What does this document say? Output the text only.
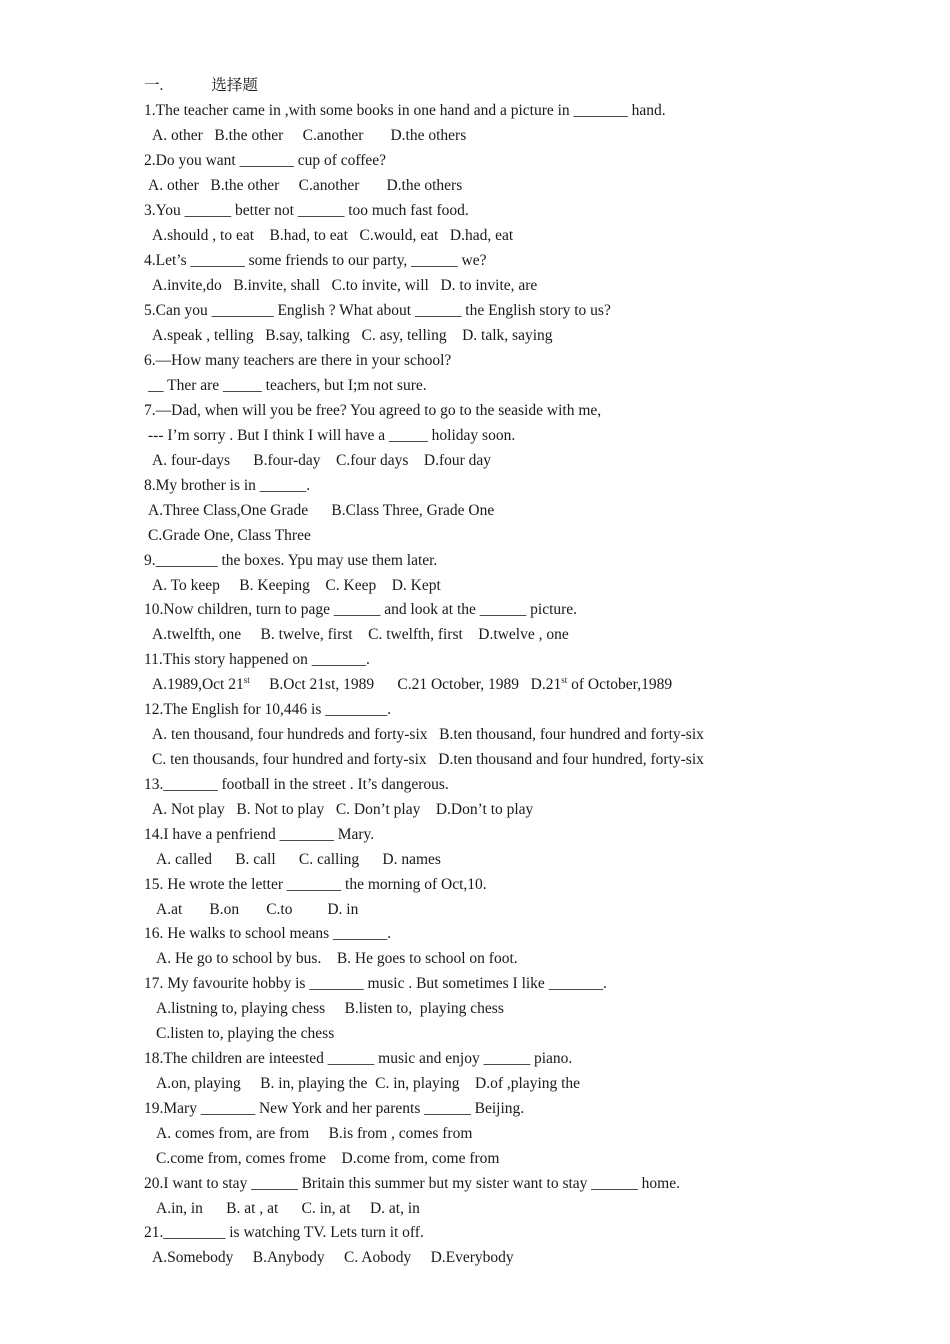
一.	选择题
1.The teacher came in ,with some books in one hand and a picture in _______ hand.
A. other   B.the other     C.another       D.the others
2.Do you want _______ cup of coffee?
A. other   B.the other     C.another       D.the others
3.You ______ better not ______ too much fast food.
A.should , to eat    B.had, to eat   C.would, eat   D.had, eat
4.Let’s _______ some friends to our party, ______ we?
A.invite,do   B.invite, shall   C.to invite, will   D. to invite, are
5.Can you ________ English ? What about ______ the English story to us?
A.speak , telling   B.say, talking   C. asy, telling    D. talk, saying
6.—How many teachers are there in your school?
__ Ther are _____ teachers, but I;m not sure.
7.—Dad, when will you be free? You agreed to go to the seaside with me,
--- I’m sorry . But I think I will have a _____ holiday soon.
A. four-days      B.four-day    C.four days    D.four day
8.My brother is in ______.
A.Three Class,One Grade      B.Class Three, Grade One
C.Grade One, Class Three
9.________ the boxes. Ypu may use them later.
A. To keep     B. Keeping    C. Keep    D. Kept
10.Now children, turn to page ______ and look at the ______ picture.
A.twelfth, one     B. twelve, first    C. twelfth, first    D.twelve , one
11.This story happened on _______.
A.1989,Oct 21st     B.Oct 21st, 1989      C.21 October, 1989   D.21st of October,1989
12.The English for 10,446 is ________.
A. ten thousand, four hundreds and forty-six   B.ten thousand, four hundred and forty-six
C. ten thousands, four hundred and forty-six   D.ten thousand and four hundred, forty-six
13._______ football in the street . It’s dangerous.
A. Not play   B. Not to play   C. Don’t play    D.Don’t to play
14.I have a penfriend _______ Mary.
A. called      B. call      C. calling      D. names
15. He wrote the letter _______ the morning of Oct,10.
A.at       B.on       C.to         D. in
16. He walks to school means _______.
A. He go to school by bus.    B. He goes to school on foot.
17. My favourite hobby is _______ music . But sometimes I like _______.
A.listning to, playing chess     B.listen to,  playing chess
C.listen to, playing the chess
18.The children are inteested ______ music and enjoy ______ piano.
A.on, playing     B. in, playing the  C. in, playing    D.of ,playing the
19.Mary _______ New York and her parents ______ Beijing.
A. comes from, are from     B.is from , comes from
C.come from, comes frome    D.come from, come from
20.I want to stay ______ Britain this summer but my sister want to stay ______ home.
A.in, in      B. at , at      C. in, at     D. at, in
21.________ is watching TV. Lets turn it off.
A.Somebody     B.Anybody     C. Aobody     D.Everybody
